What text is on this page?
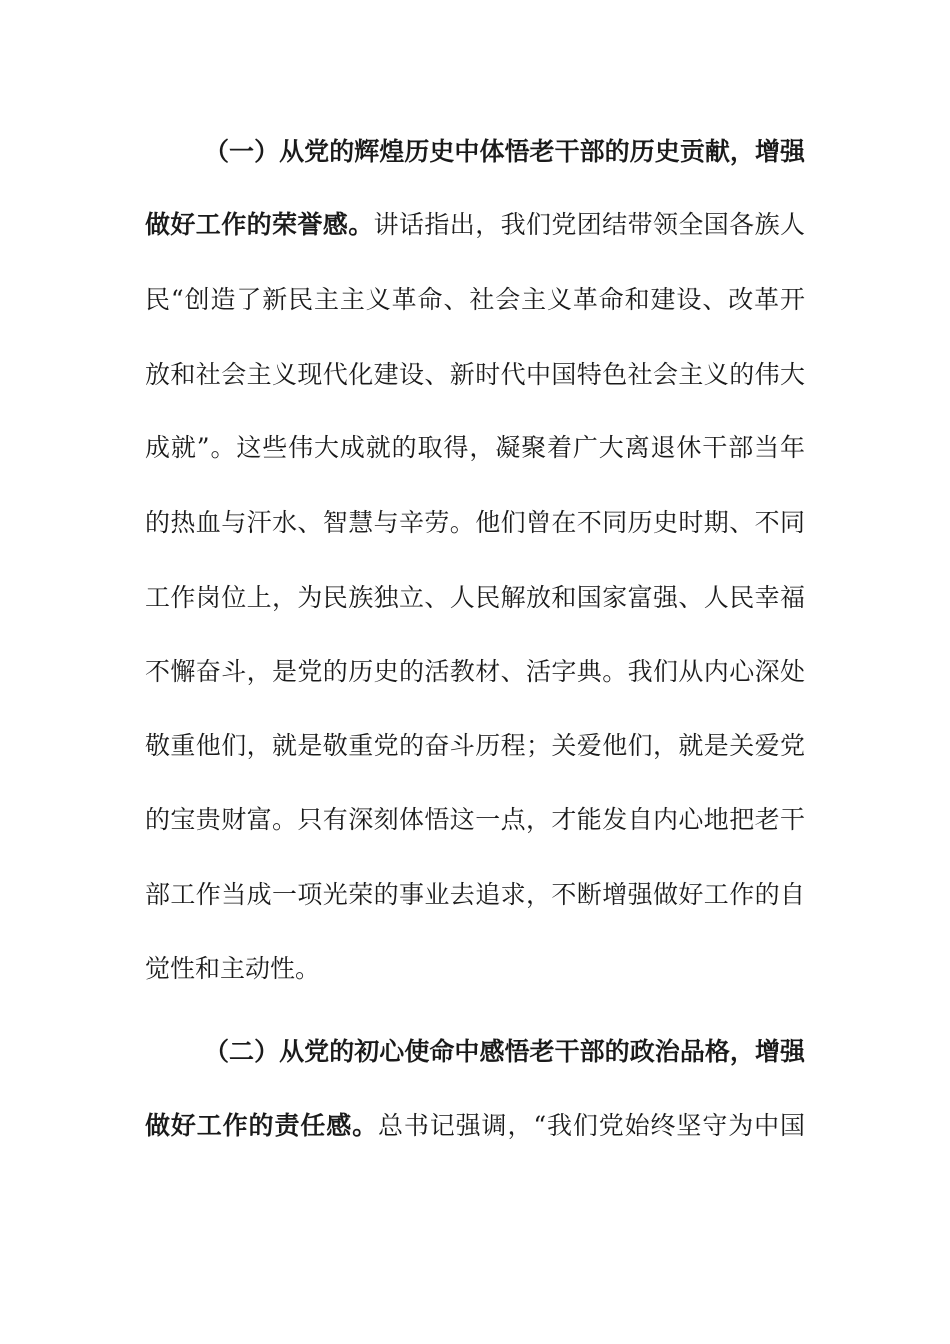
（一）从党的辉煌历史中体悟老干部的历史贡献，增强
做好工作的荣誉感。讲话指出，我们党团结带领全国各族人
民“创造了新民主主义革命、社会主义革命和建设、改革开
放和社会主义现代化建设、新时代中国特色社会主义的伟大
成就”。这些伟大成就的取得，凝聚着广大离退休干部当年
的热血与汗水、智慧与辛劳。他们曾在不同历史时期、不同
工作岗位上，为民族独立、人民解放和国家富强、人民幸福
不懈奋斗，是党的历史的活教材、活字典。我们从内心深处
敬重他们，就是敬重党的奋斗历程；关爱他们，就是关爱党
的宝贵财富。只有深刻体悟这一点，才能发自内心地把老干
部工作当成一项光荣的事业去追求，不断增强做好工作的自
觉性和主动性。
（二）从党的初心使命中感悟老干部的政治品格，增强
做好工作的责任感。总书记强调，“我们党始终坚守为中国
